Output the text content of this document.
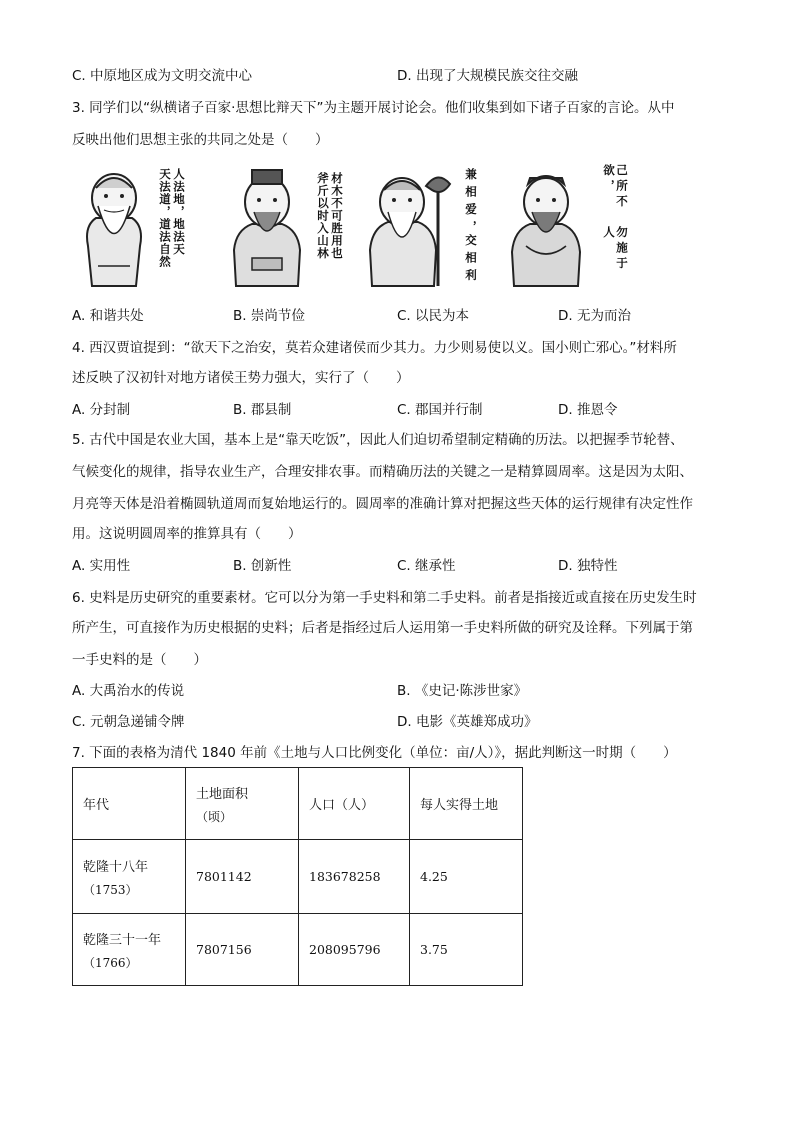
C. 中原地区成为文明交流中心	D. 出现了大规模民族交往交融
3. 同学们以“纵横诸子百家·思想比辩天下”为主题开展讨论会。他们收集到如下诸子百家的言论。从中
反映出他们思想主张的共同之处是（　　）
天法道，道法自然 人法地，地法天	斧斤以时入山林 材木不可胜用也	兼相爱，
交相利
己所不欲，
勿施于人
A. 和谐共处	B. 崇尚节俭	C. 以民为本	D. 无为而治
4. 西汉贾谊提到：“欲天下之治安，莫若众建诸侯而少其力。力少则易使以义。国小则亡邪心。”材料所
述反映了汉初针对地方诸侯王势力强大，实行了（　　）
A. 分封制	B. 郡县制	C. 郡国并行制	D. 推恩令
5. 古代中国是农业大国，基本上是“靠天吃饭”，因此人们迫切希望制定精确的历法。以把握季节轮替、
气候变化的规律，指导农业生产，合理安排农事。而精确历法的关键之一是精算圆周率。这是因为太阳、
月亮等天体是沿着椭圆轨道周而复始地运行的。圆周率的准确计算对把握这些天体的运行规律有决定性作
用。这说明圆周率的推算具有（　　）
A. 实用性	B. 创新性	C. 继承性	D. 独特性
6. 史料是历史研究的重要素材。它可以分为第一手史料和第二手史料。前者是指接近或直接在历史发生时
所产生，可直接作为历史根据的史料；后者是指经过后人运用第一手史料所做的研究及诠释。下列属于第
一手史料的是（　　）
A. 大禹治水的传说	B. 《史记·陈涉世家》
C. 元朝急递铺令牌	D. 电影《英雄郑成功》
7. 下面的表格为清代 1840 年前《土地与人口比例变化（单位：亩/人）》，据此判断这一时期（　　）
年代	土地面积
（顷）	人口（人）	每人实得土地
乾隆十八年
（1753）	7801142	183678258	4.25
乾隆三十一年
（1766）	7807156	208095796	3.75
